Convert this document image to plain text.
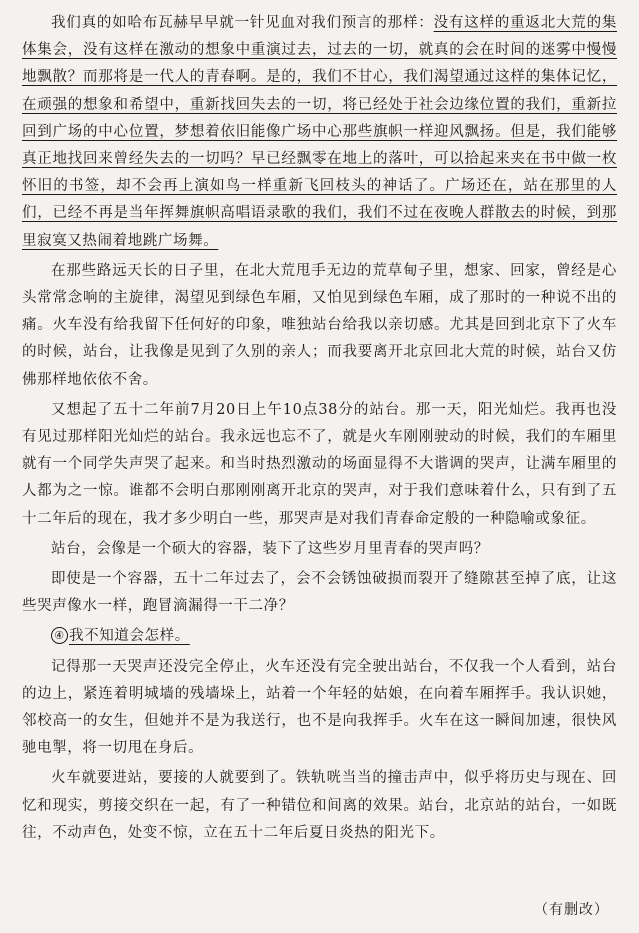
我们真的如哈布瓦赫早早就一针见血对我们预言的那样：没有这样的重返北大荒的集体集会，没有这样在激动的想象中重演过去，过去的一切，就真的会在时间的迷雾中慢慢地飘散？而那将是一代人的青春啊。是的，我们不甘心，我们渴望通过这样的集体记忆，在顽强的想象和希望中，重新找回失去的一切，将已经处于社会边缘位置的我们，重新拉回到广场的中心位置，梦想着依旧能像广场中心那些旗帜一样迎风飘扬。但是，我们能够真正地找回来曾经失去的一切吗？早已经飘零在地上的落叶，可以拾起来夹在书中做一枚怀旧的书签，却不会再上演如鸟一样重新飞回枝头的神话了。广场还在，站在那里的人们，已经不再是当年挥舞旗帜高唱语录歌的我们，我们不过在夜晚人群散去的时候，到那里寂寞又热闹着地跳广场舞。

在那些路远天长的日子里，在北大荒甩手无边的荒草甸子里，想家、回家，曾经是心头常常念响的主旋律，渴望见到绿色车厢，又怕见到绿色车厢，成了那时的一种说不出的痛。火车没有给我留下任何好的印象，唯独站台给我以亲切感。尤其是回到北京下了火车的时候，站台，让我像是见到了久别的亲人；而我要离开北京回北大荒的时候，站台又仿佛那样地依依不舍。

又想起了五十二年前7月20日上午10点38分的站台。那一天，阳光灿烂。我再也没有见过那样阳光灿烂的站台。我永远也忘不了，就是火车刚刚驶动的时候，我们的车厢里就有一个同学失声哭了起来。和当时热烈激动的场面显得不大谐调的哭声，让满车厢里的人都为之一惊。谁都不会明白那刚刚离开北京的哭声，对于我们意味着什么，只有到了五十二年后的现在，我才多少明白一些，那哭声是对我们青春命定般的一种隐喻或象征。

站台，会像是一个硕大的容器，装下了这些岁月里青春的哭声吗？

即使是一个容器，五十二年过去了，会不会锈蚀破损而裂开了缝隙甚至掉了底，让这些哭声像水一样，跑冒滴漏得一干二净？

④ 我不知道会怎样。

记得那一天哭声还没完全停止，火车还没有完全驶出站台，不仅我一个人看到，站台的边上，紧连着明城墙的残墙垛上，站着一个年轻的姑娘，在向着车厢挥手。我认识她，邻校高一的女生，但她并不是为我送行，也不是向我挥手。火车在这一瞬间加速，很快风驰电掣，将一切甩在身后。

火车就要进站，要接的人就要到了。铁轨咣当当的撞击声中，似乎将历史与现在、回忆和现实，剪接交织在一起，有了一种错位和间离的效果。站台，北京站的站台，一如既往，不动声色，处变不惊，立在五十二年后夏日炎热的阳光下。

（有删改）
